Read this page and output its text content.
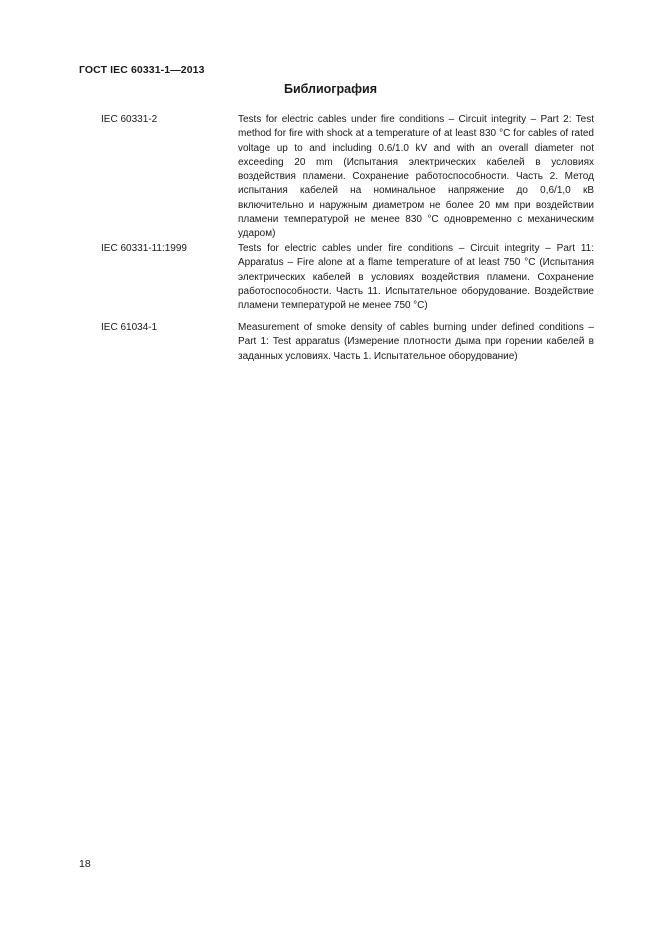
ГОСТ IEC 60331-1—2013
Библиография
IEC 60331-2	Tests for electric cables under fire conditions – Circuit integrity – Part 2: Test method for fire with shock at a temperature of at least 830 °C for cables of rated voltage up to and including 0.6/1.0 kV and with an overall diameter not exceeding 20 mm (Испытания электрических кабелей в условиях воздействия пламени. Сохранение работоспособности. Часть 2. Метод испытания кабелей на номинальное напряжение до 0,6/1,0 кВ включительно и наружным диаметром не более 20 мм при воздействии пламени температурой не менее 830 °С одновременно с механическим ударом)
IEC 60331-11:1999	Tests for electric cables under fire conditions – Circuit integrity – Part 11: Apparatus – Fire alone at a flame temperature of at least 750 °С (Испытания электрических кабелей в условиях воздействия пламени. Сохранение работоспособности. Часть 11. Испытательное оборудование. Воздействие пламени температурой не менее 750 °С)
IEC 61034-1	Measurement of smoke density of cables burning under defined conditions – Part 1: Test apparatus (Измерение плотности дыма при горении кабелей в заданных условиях. Часть 1. Испытательное оборудование)
18
